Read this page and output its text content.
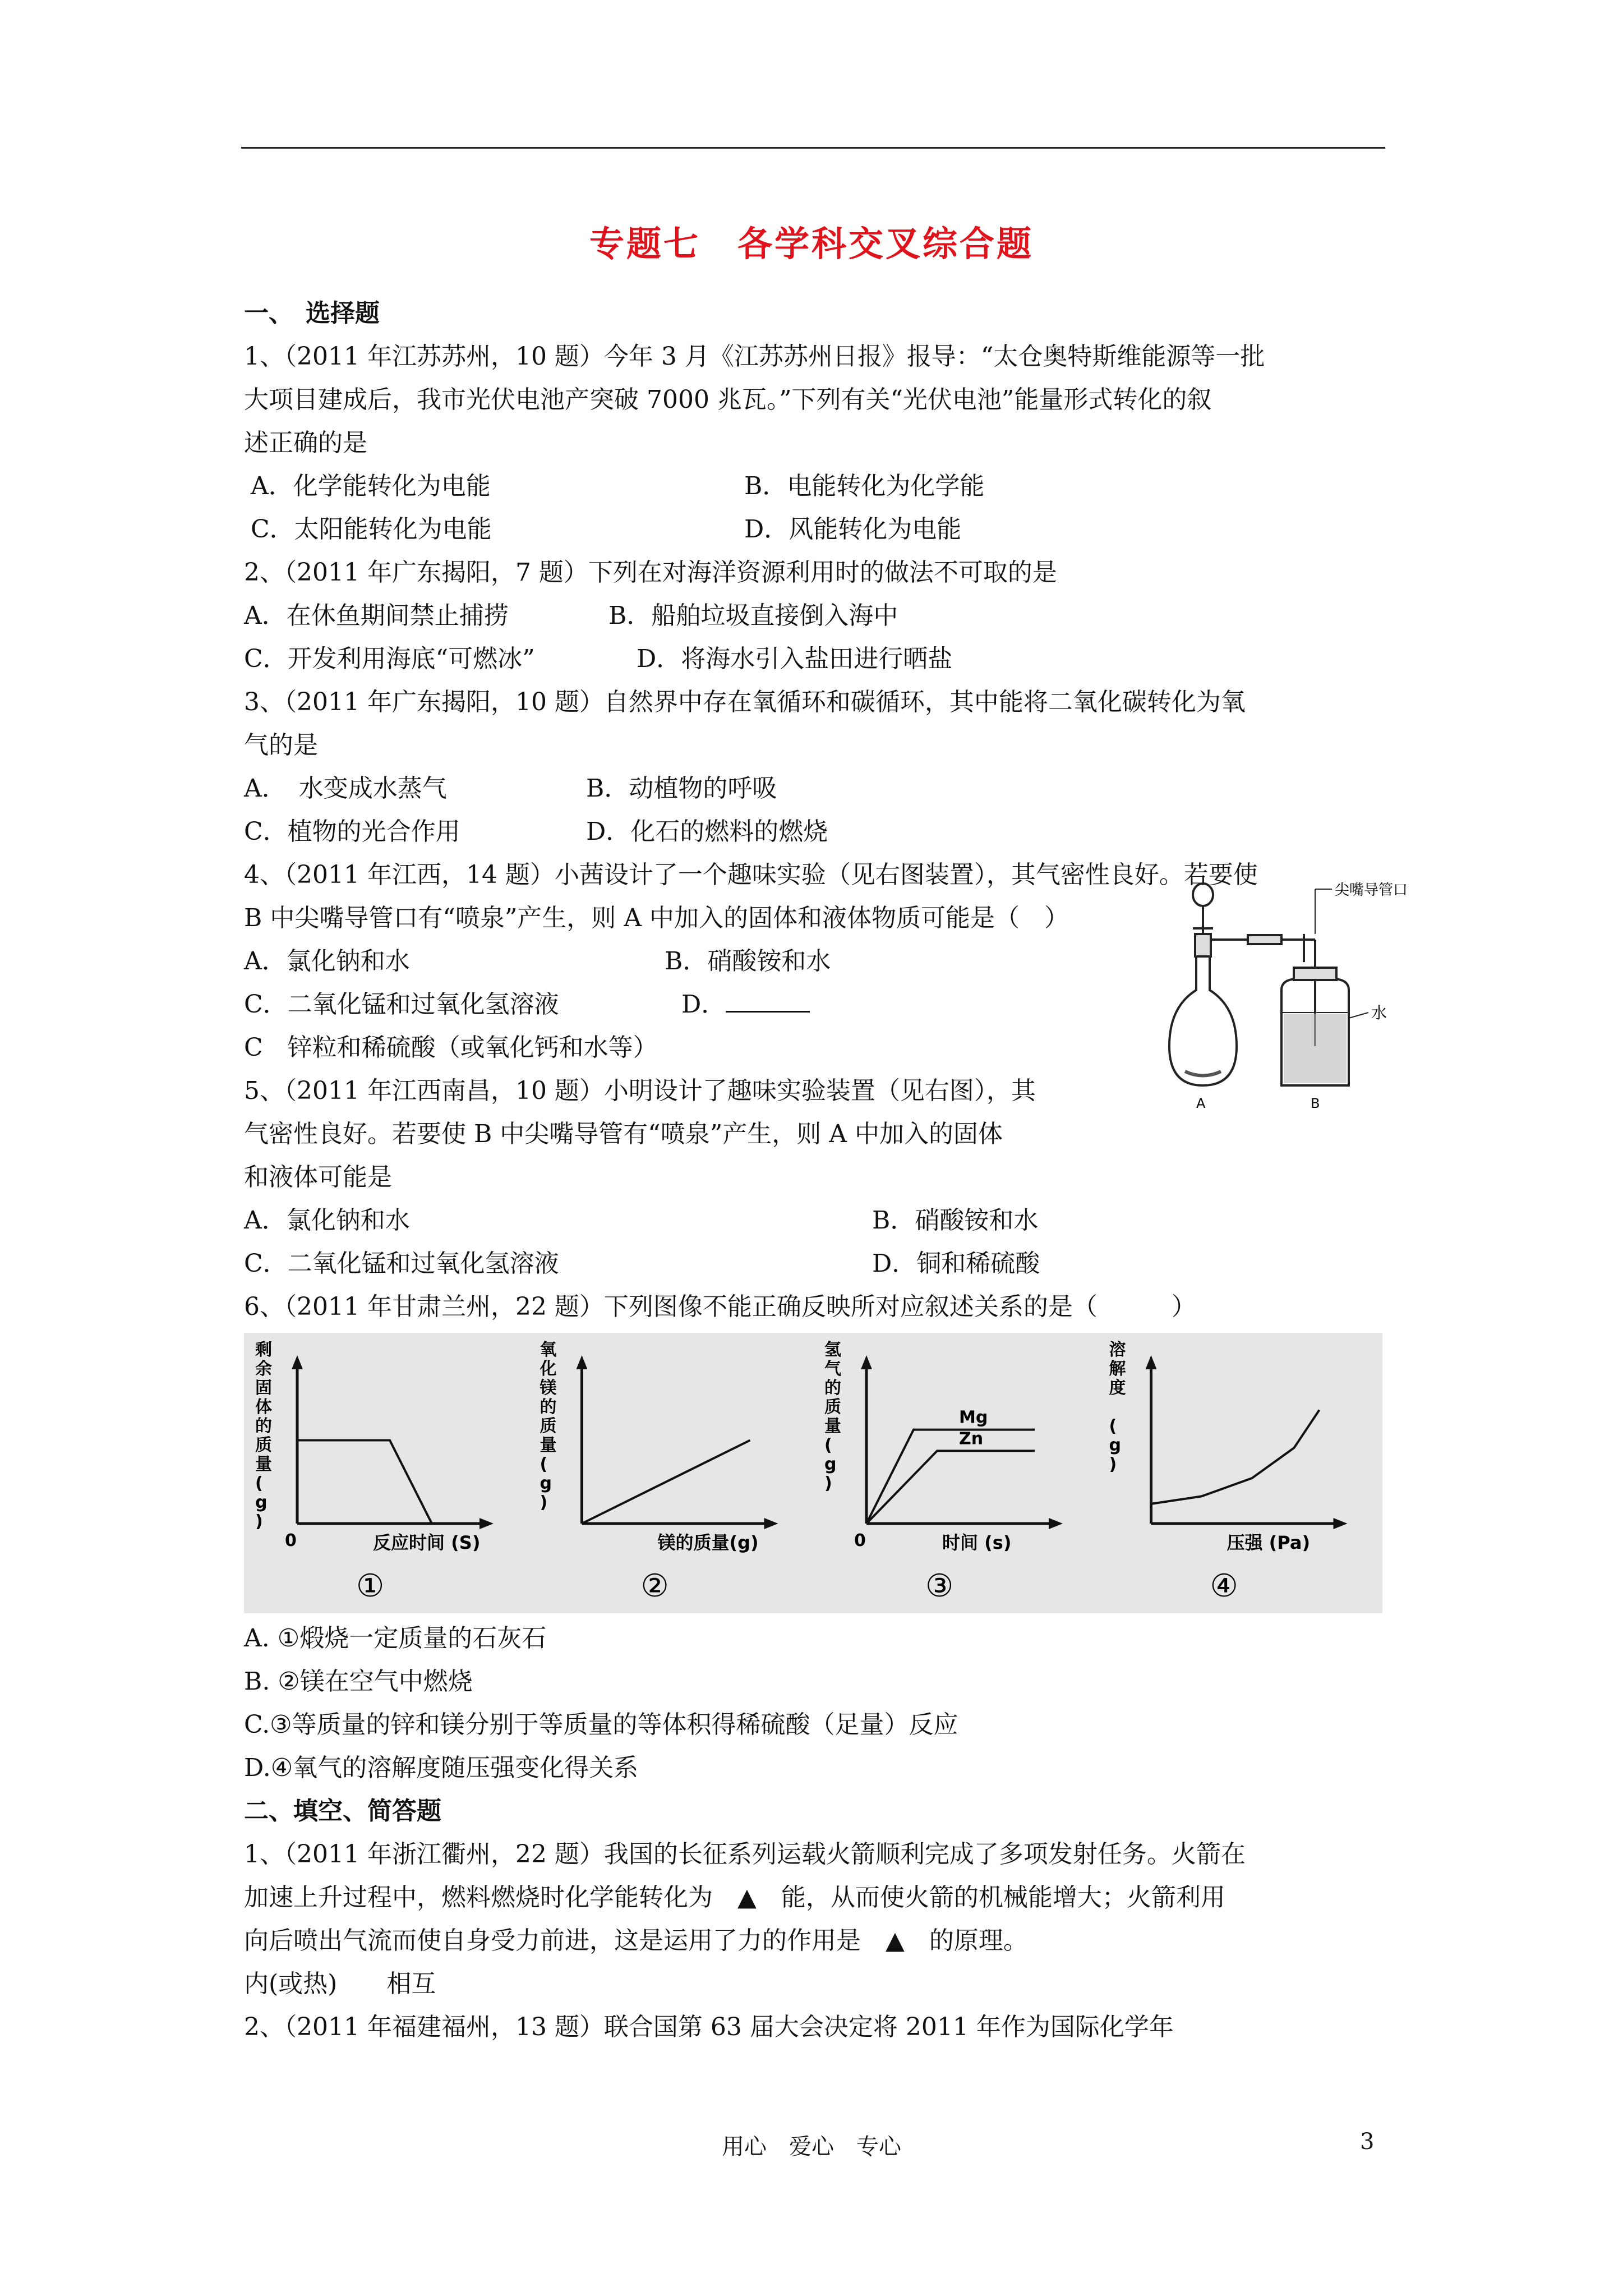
专题七　各学科交叉综合题

一、　选择题

1、（2011 年江苏苏州，10 题）今年 3 月《江苏苏州日报》报导：“太仓奥特斯维能源等一批

大项目建成后，我市光伏电池产突破 7000 兆瓦。”下列有关“光伏电池”能量形式转化的叙

述正确的是

A．化学能转化为电能	B．电能转化为化学能
C．太阳能转化为电能	D．风能转化为电能

2、（2011 年广东揭阳，7 题）下列在对海洋资源利用时的做法不可取的是

A．在休鱼期间禁止捕捞	B．船舶垃圾直接倒入海中
C．开发利用海底“可燃冰”	D．将海水引入盐田进行晒盐

3、（2011 年广东揭阳，10 题）自然界中存在氧循环和碳循环，其中能将二氧化碳转化为氧

气的是

A．　水变成水蒸气	B．动植物的呼吸
C．植物的光合作用	D．化石的燃料的燃烧

4、（2011 年江西，14 题）小茜设计了一个趣味实验（见右图装置），其气密性良好。若要使

B 中尖嘴导管口有“喷泉”产生，则 A 中加入的固体和液体物质可能是（　）

尖嘴导管口
水
A	B
A．氯化钠和水	B．硝酸铵和水
C．二氧化锰和过氧化氢溶液	D．

C　锌粒和稀硫酸（或氧化钙和水等）

5、（2011 年江西南昌，10 题）小明设计了趣味实验装置（见右图），其

气密性良好。若要使 B 中尖嘴导管有“喷泉”产生，则 A 中加入的固体

和液体可能是

A．氯化钠和水	B．硝酸铵和水
C．二氧化锰和过氧化氢溶液	D．铜和稀硫酸

6、（2011 年甘肃兰州，22 题）下列图像不能正确反映所对应叙述关系的是（　　　）

剩
余
固
体
的
质
量
(
g
)
反应时间 (S)
0
①
氧
化
镁
的
质
量
(
g
)
镁的质量(g)
②
Mg
Zn
氢
气
的
质
量
(
g
)
时间 (s)
0
③
溶
解
度
(
g
)
压强 (Pa)
④

A. ①煅烧一定质量的石灰石

B. ②镁在空气中燃烧

C.③等质量的锌和镁分别于等质量的等体积得稀硫酸（足量）反应

D.④氧气的溶解度随压强变化得关系

二、填空、简答题

1、（2011 年浙江衢州，22 题）我国的长征系列运载火箭顺利完成了多项发射任务。火箭在

加速上升过程中，燃料燃烧时化学能转化为　▲　能，从而使火箭的机械能增大；火箭利用

向后喷出气流而使自身受力前进，这是运用了力的作用是　▲　的原理。

内(或热)　　相互

2、（2011 年福建福州，13 题）联合国第 63 届大会决定将 2011 年作为国际化学年

用心　爱心　专心	3
